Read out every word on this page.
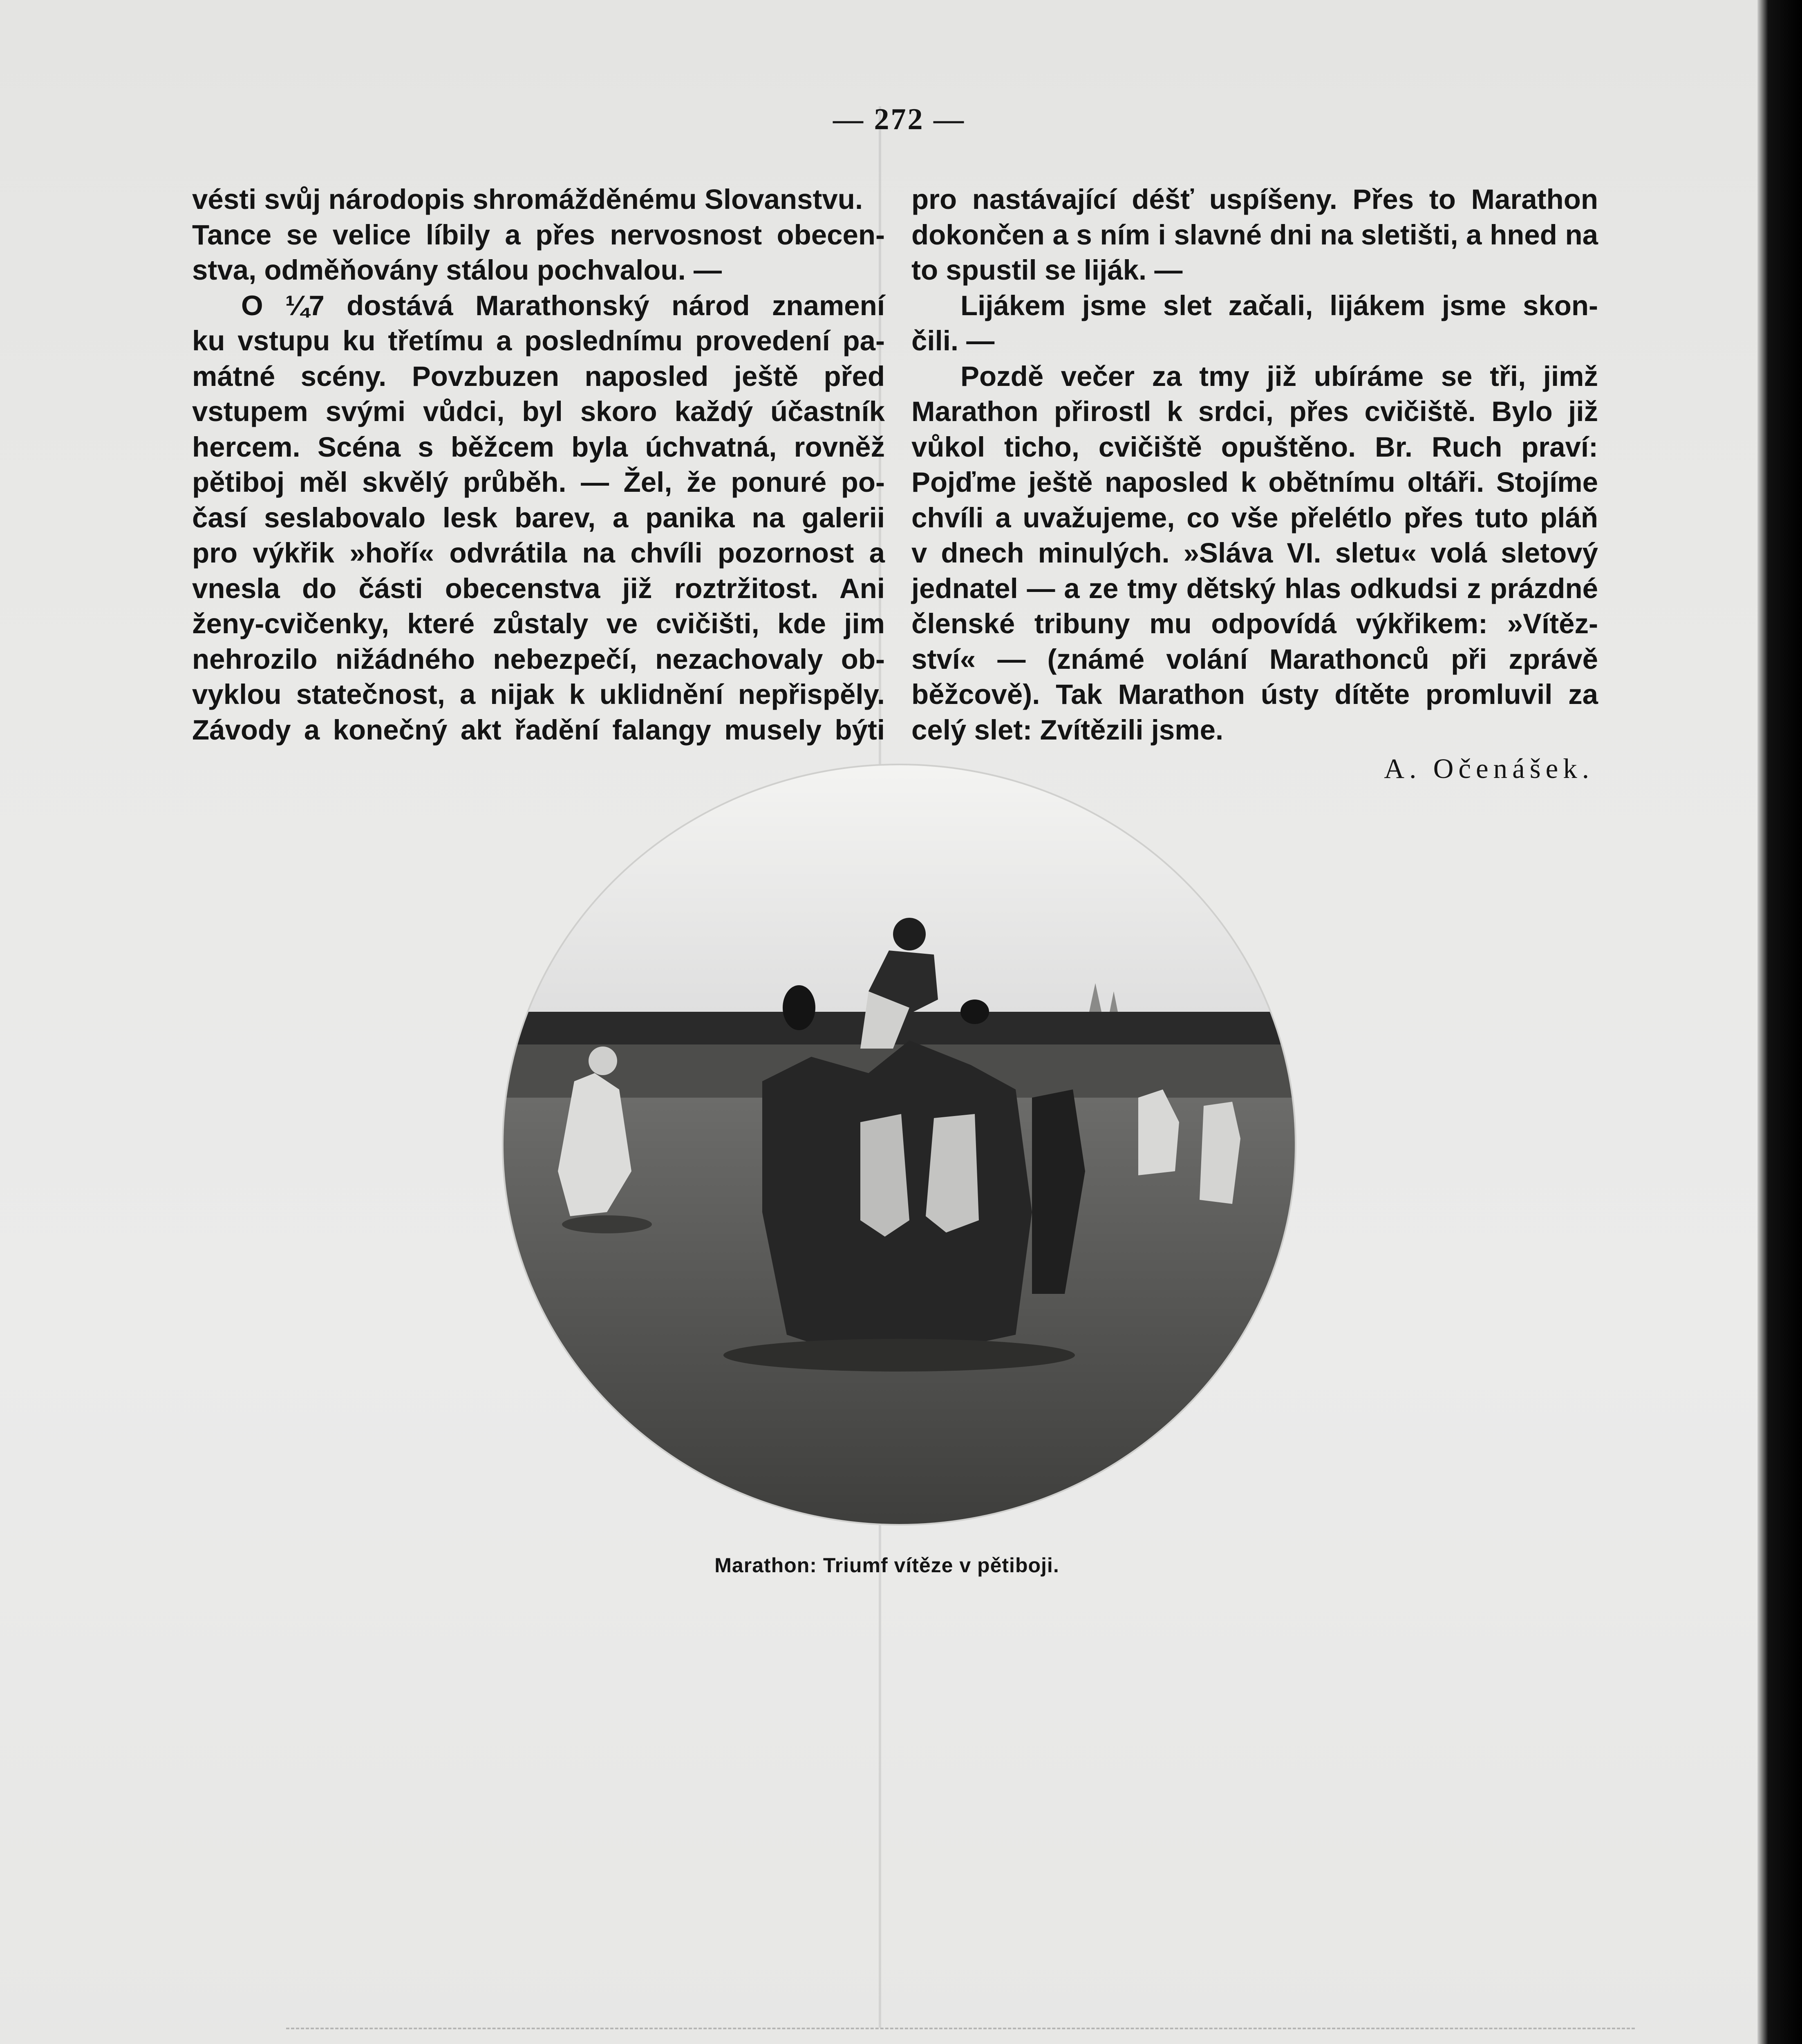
— 272 —
vésti svůj národopis shromážděnému Slovanstvu.
Tance se velice líbily a přes nervosnost obecen-
stva, odměňovány stálou pochvalou. —
O ¼7 dostává Marathonský národ znamení
ku vstupu ku třetímu a poslednímu provedení pa-
mátné scény. Povzbuzen naposled ještě před
vstupem svými vůdci, byl skoro každý účastník
hercem. Scéna s běžcem byla úchvatná, rovněž
pětiboj měl skvělý průběh. — Žel, že ponuré po-
časí seslabovalo lesk barev, a panika na galerii
pro výkřik »hoří« odvrátila na chvíli pozornost a
vnesla do části obecenstva již roztržitost. Ani
ženy-cvičenky, které zůstaly ve cvičišti, kde jim
nehrozilo nižádného nebezpečí, nezachovaly ob-
vyklou statečnost, a nijak k uklidnění nepřispěly.
Závody a konečný akt řadění falangy musely býti
pro nastávající déšť uspíšeny. Přes to Marathon
dokončen a s ním i slavné dni na sletišti, a hned na
to spustil se liják. —
Lijákem jsme slet začali, lijákem jsme skon-
čili. —
Pozdě večer za tmy již ubíráme se tři, jimž
Marathon přirostl k srdci, přes cvičiště. Bylo již
vůkol ticho, cvičiště opuštěno. Br. Ruch praví:
Pojďme ještě naposled k obětnímu oltáři. Stojíme
chvíli a uvažujeme, co vše přelétlo přes tuto pláň
v dnech minulých. »Sláva VI. sletu« volá sletový
jednatel — a ze tmy dětský hlas odkudsi z prázdné
členské tribuny mu odpovídá výkřikem: »Vítěz-
ství« — (známé volání Marathonců při zprávě
běžcově). Tak Marathon ústy dítěte promluvil za
celý slet: Zvítězili jsme.
A. Očenášek.
Marathon: Triumf vítěze v pětiboji.
